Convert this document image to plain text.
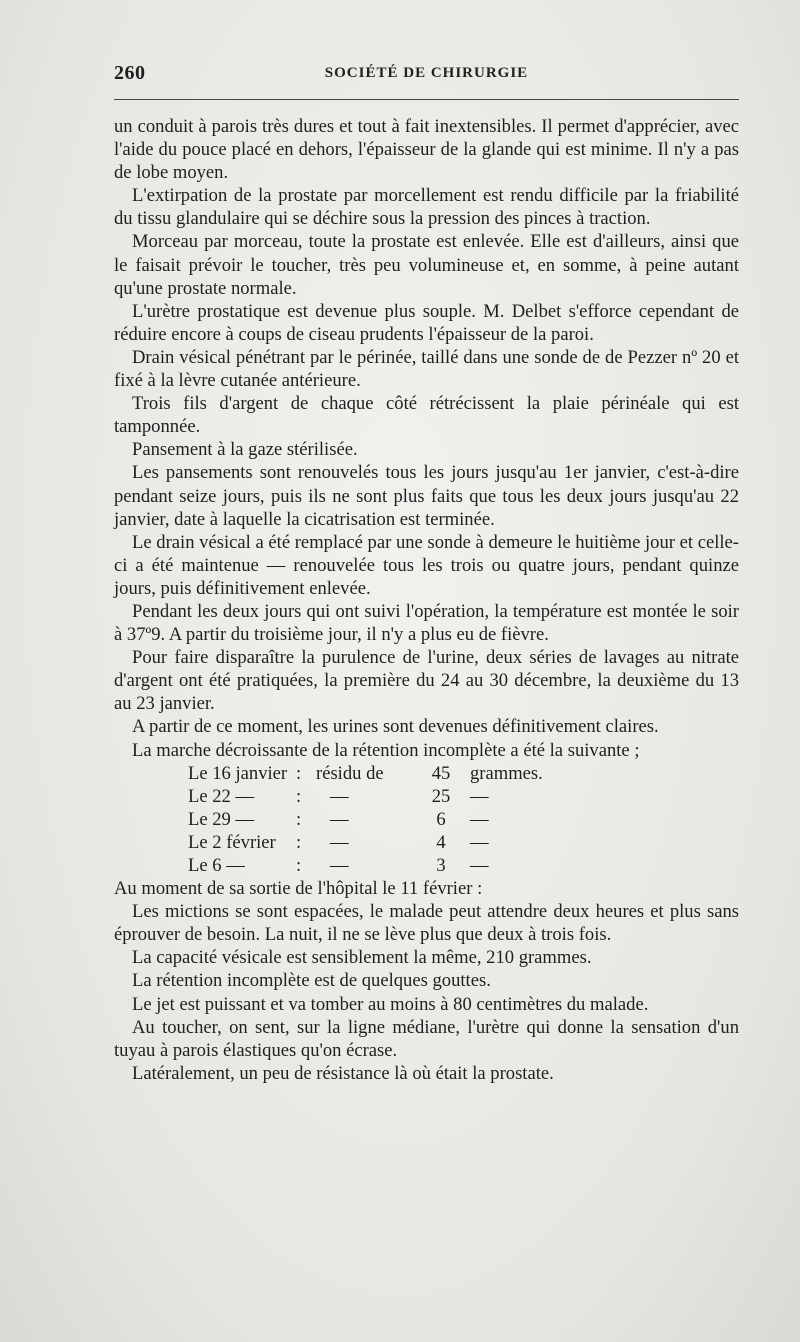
260	SOCIÉTÉ DE CHIRURGIE

un conduit à parois très dures et tout à fait inextensibles. Il permet d'apprécier, avec l'aide du pouce placé en dehors, l'épaisseur de la glande qui est minime. Il n'y a pas de lobe moyen.

L'extirpation de la prostate par morcellement est rendu difficile par la friabilité du tissu glandulaire qui se déchire sous la pression des pinces à traction.

Morceau par morceau, toute la prostate est enlevée. Elle est d'ailleurs, ainsi que le faisait prévoir le toucher, très peu volumineuse et, en somme, à peine autant qu'une prostate normale.

L'urètre prostatique est devenue plus souple. M. Delbet s'efforce cependant de réduire encore à coups de ciseau prudents l'épaisseur de la paroi.

Drain vésical pénétrant par le périnée, taillé dans une sonde de de Pezzer nº 20 et fixé à la lèvre cutanée antérieure.

Trois fils d'argent de chaque côté rétrécissent la plaie périnéale qui est tamponnée.

Pansement à la gaze stérilisée.

Les pansements sont renouvelés tous les jours jusqu'au 1er janvier, c'est-à-dire pendant seize jours, puis ils ne sont plus faits que tous les deux jours jusqu'au 22 janvier, date à laquelle la cicatrisation est terminée.

Le drain vésical a été remplacé par une sonde à demeure le huitième jour et celle-ci a été maintenue — renouvelée tous les trois ou quatre jours, pendant quinze jours, puis définitivement enlevée.

Pendant les deux jours qui ont suivi l'opération, la température est montée le soir à 37º9. A partir du troisième jour, il n'y a plus eu de fièvre.

Pour faire disparaître la purulence de l'urine, deux séries de lavages au nitrate d'argent ont été pratiquées, la première du 24 au 30 décembre, la deuxième du 13 au 23 janvier.

A partir de ce moment, les urines sont devenues définitivement claires.

La marche décroissante de la rétention incomplète a été la suivante ;

Le 16 janvier	:	résidu de	45	grammes.
Le 22 —	:	—	25	—
Le 29 —	:	—	6	—
Le 2 février	:	—	4	—
Le 6 —	:	—	3	—

Au moment de sa sortie de l'hôpital le 11 février :

Les mictions se sont espacées, le malade peut attendre deux heures et plus sans éprouver de besoin. La nuit, il ne se lève plus que deux à trois fois.

La capacité vésicale est sensiblement la même, 210 grammes.

La rétention incomplète est de quelques gouttes.

Le jet est puissant et va tomber au moins à 80 centimètres du malade.

Au toucher, on sent, sur la ligne médiane, l'urètre qui donne la sensation d'un tuyau à parois élastiques qu'on écrase.

Latéralement, un peu de résistance là où était la prostate.
